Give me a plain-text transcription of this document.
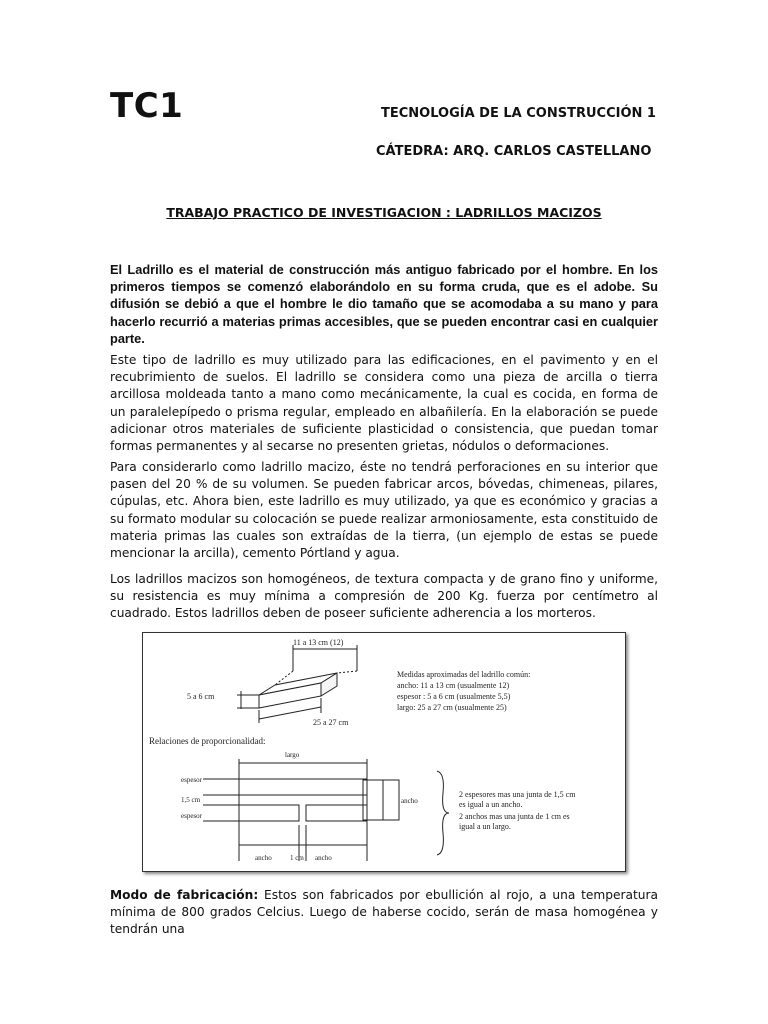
TC1	TECNOLOGÍA DE LA CONSTRUCCIÓN 1
CÁTEDRA: ARQ. CARLOS CASTELLANO
TRABAJO PRACTICO DE INVESTIGACION : LADRILLOS MACIZOS
El Ladrillo es el material de construcción más antiguo fabricado por el hombre. En los primeros tiempos se comenzó elaborándolo en su forma cruda, que es el adobe. Su difusión se debió a que el hombre le dio tamaño que se acomodaba a su mano y para hacerlo recurrió a materias primas accesibles, que se pueden encontrar casi en cualquier parte.
Este tipo de ladrillo es muy utilizado para las edificaciones, en el pavimento y en el recubrimiento de suelos. El ladrillo se considera como una pieza de arcilla o tierra arcillosa moldeada tanto a mano como mecánicamente, la cual es cocida, en forma de un paralelepípedo o prisma regular, empleado en albañilería. En la elaboración se puede adicionar otros materiales de suficiente plasticidad o consistencia, que puedan tomar formas permanentes y al secarse no presenten grietas, nódulos o deformaciones.
Para considerarlo como ladrillo macizo, éste no tendrá perforaciones en su interior que pasen del 20 % de su volumen. Se pueden fabricar arcos, bóvedas, chimeneas, pilares, cúpulas, etc. Ahora bien, este ladrillo es muy utilizado, ya que es económico y gracias a su formato modular su colocación se puede realizar armoniosamente, esta constituido de materia primas las cuales son extraídas de la tierra, (un ejemplo de estas se puede mencionar la arcilla), cemento Pórtland y agua.
Los ladrillos macizos son homogéneos, de textura compacta y de grano fino y uniforme, su resistencia es muy mínima a compresión de 200 Kg. fuerza por centímetro al cuadrado. Estos ladrillos deben de poseer suficiente adherencia a los morteros.
11 a 13 cm (12)
5 a 6 cm
25 a 27 cm
Medidas aproximadas del ladrillo común:
ancho: 11 a 13 cm (usualmente 12)
espesor : 5 a 6 cm (usualmente 5,5)
largo: 25 a 27 cm (usualmente 25)
Relaciones de proporcionalidad:
largo
espesor
1,5 cm
espesor
ancho
ancho	1 cm ancho
2 espesores mas una junta de 1,5 cm
es igual a un ancho.
2 anchos mas una junta de 1 cm es
igual a un largo.
Modo de fabricación: Estos son fabricados por ebullición al rojo, a una temperatura mínima de 800 grados Celcius. Luego de haberse cocido, serán de masa homogénea y tendrán una
